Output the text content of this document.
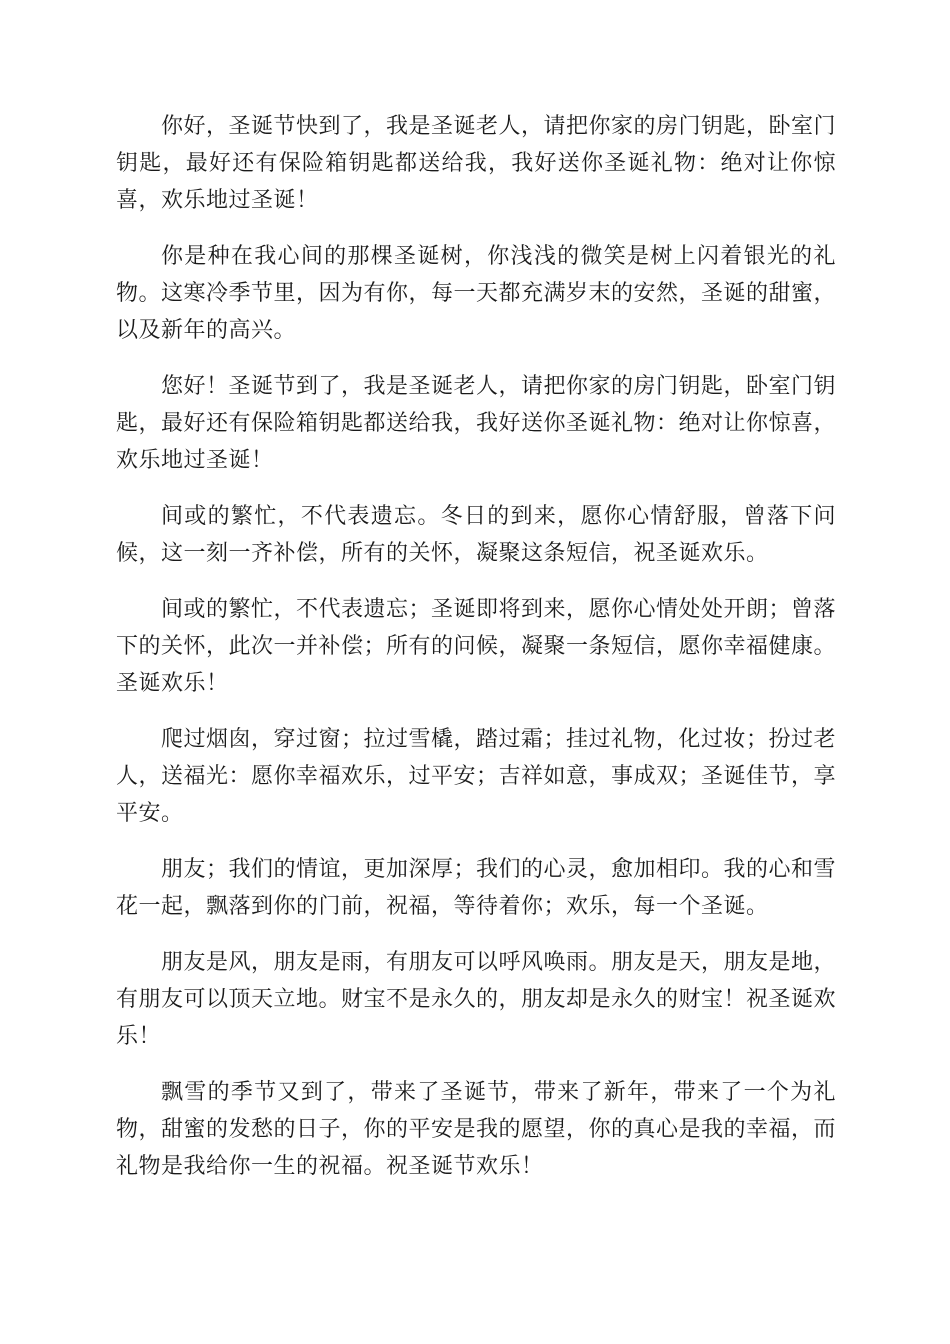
你好，圣诞节快到了，我是圣诞老人，请把你家的房门钥匙，卧室门钥匙，最好还有保险箱钥匙都送给我，我好送你圣诞礼物：绝对让你惊喜，欢乐地过圣诞！

你是种在我心间的那棵圣诞树，你浅浅的微笑是树上闪着银光的礼物。这寒冷季节里，因为有你，每一天都充满岁末的安然，圣诞的甜蜜，以及新年的高兴。

您好！圣诞节到了，我是圣诞老人，请把你家的房门钥匙，卧室门钥匙，最好还有保险箱钥匙都送给我，我好送你圣诞礼物：绝对让你惊喜，欢乐地过圣诞！

间或的繁忙，不代表遗忘。冬日的到来，愿你心情舒服，曾落下问候，这一刻一齐补偿，所有的关怀，凝聚这条短信，祝圣诞欢乐。

间或的繁忙，不代表遗忘；圣诞即将到来，愿你心情处处开朗；曾落下的关怀，此次一并补偿；所有的问候，凝聚一条短信，愿你幸福健康。圣诞欢乐！

爬过烟囱，穿过窗；拉过雪橇，踏过霜；挂过礼物，化过妆；扮过老人，送福光：愿你幸福欢乐，过平安；吉祥如意，事成双；圣诞佳节，享平安。

朋友；我们的情谊，更加深厚；我们的心灵，愈加相印。我的心和雪花一起，飘落到你的门前，祝福，等待着你；欢乐，每一个圣诞。

朋友是风，朋友是雨，有朋友可以呼风唤雨。朋友是天，朋友是地，有朋友可以顶天立地。财宝不是永久的，朋友却是永久的财宝！祝圣诞欢乐！

飘雪的季节又到了，带来了圣诞节，带来了新年，带来了一个为礼物，甜蜜的发愁的日子，你的平安是我的愿望，你的真心是我的幸福，而礼物是我给你一生的祝福。祝圣诞节欢乐！
